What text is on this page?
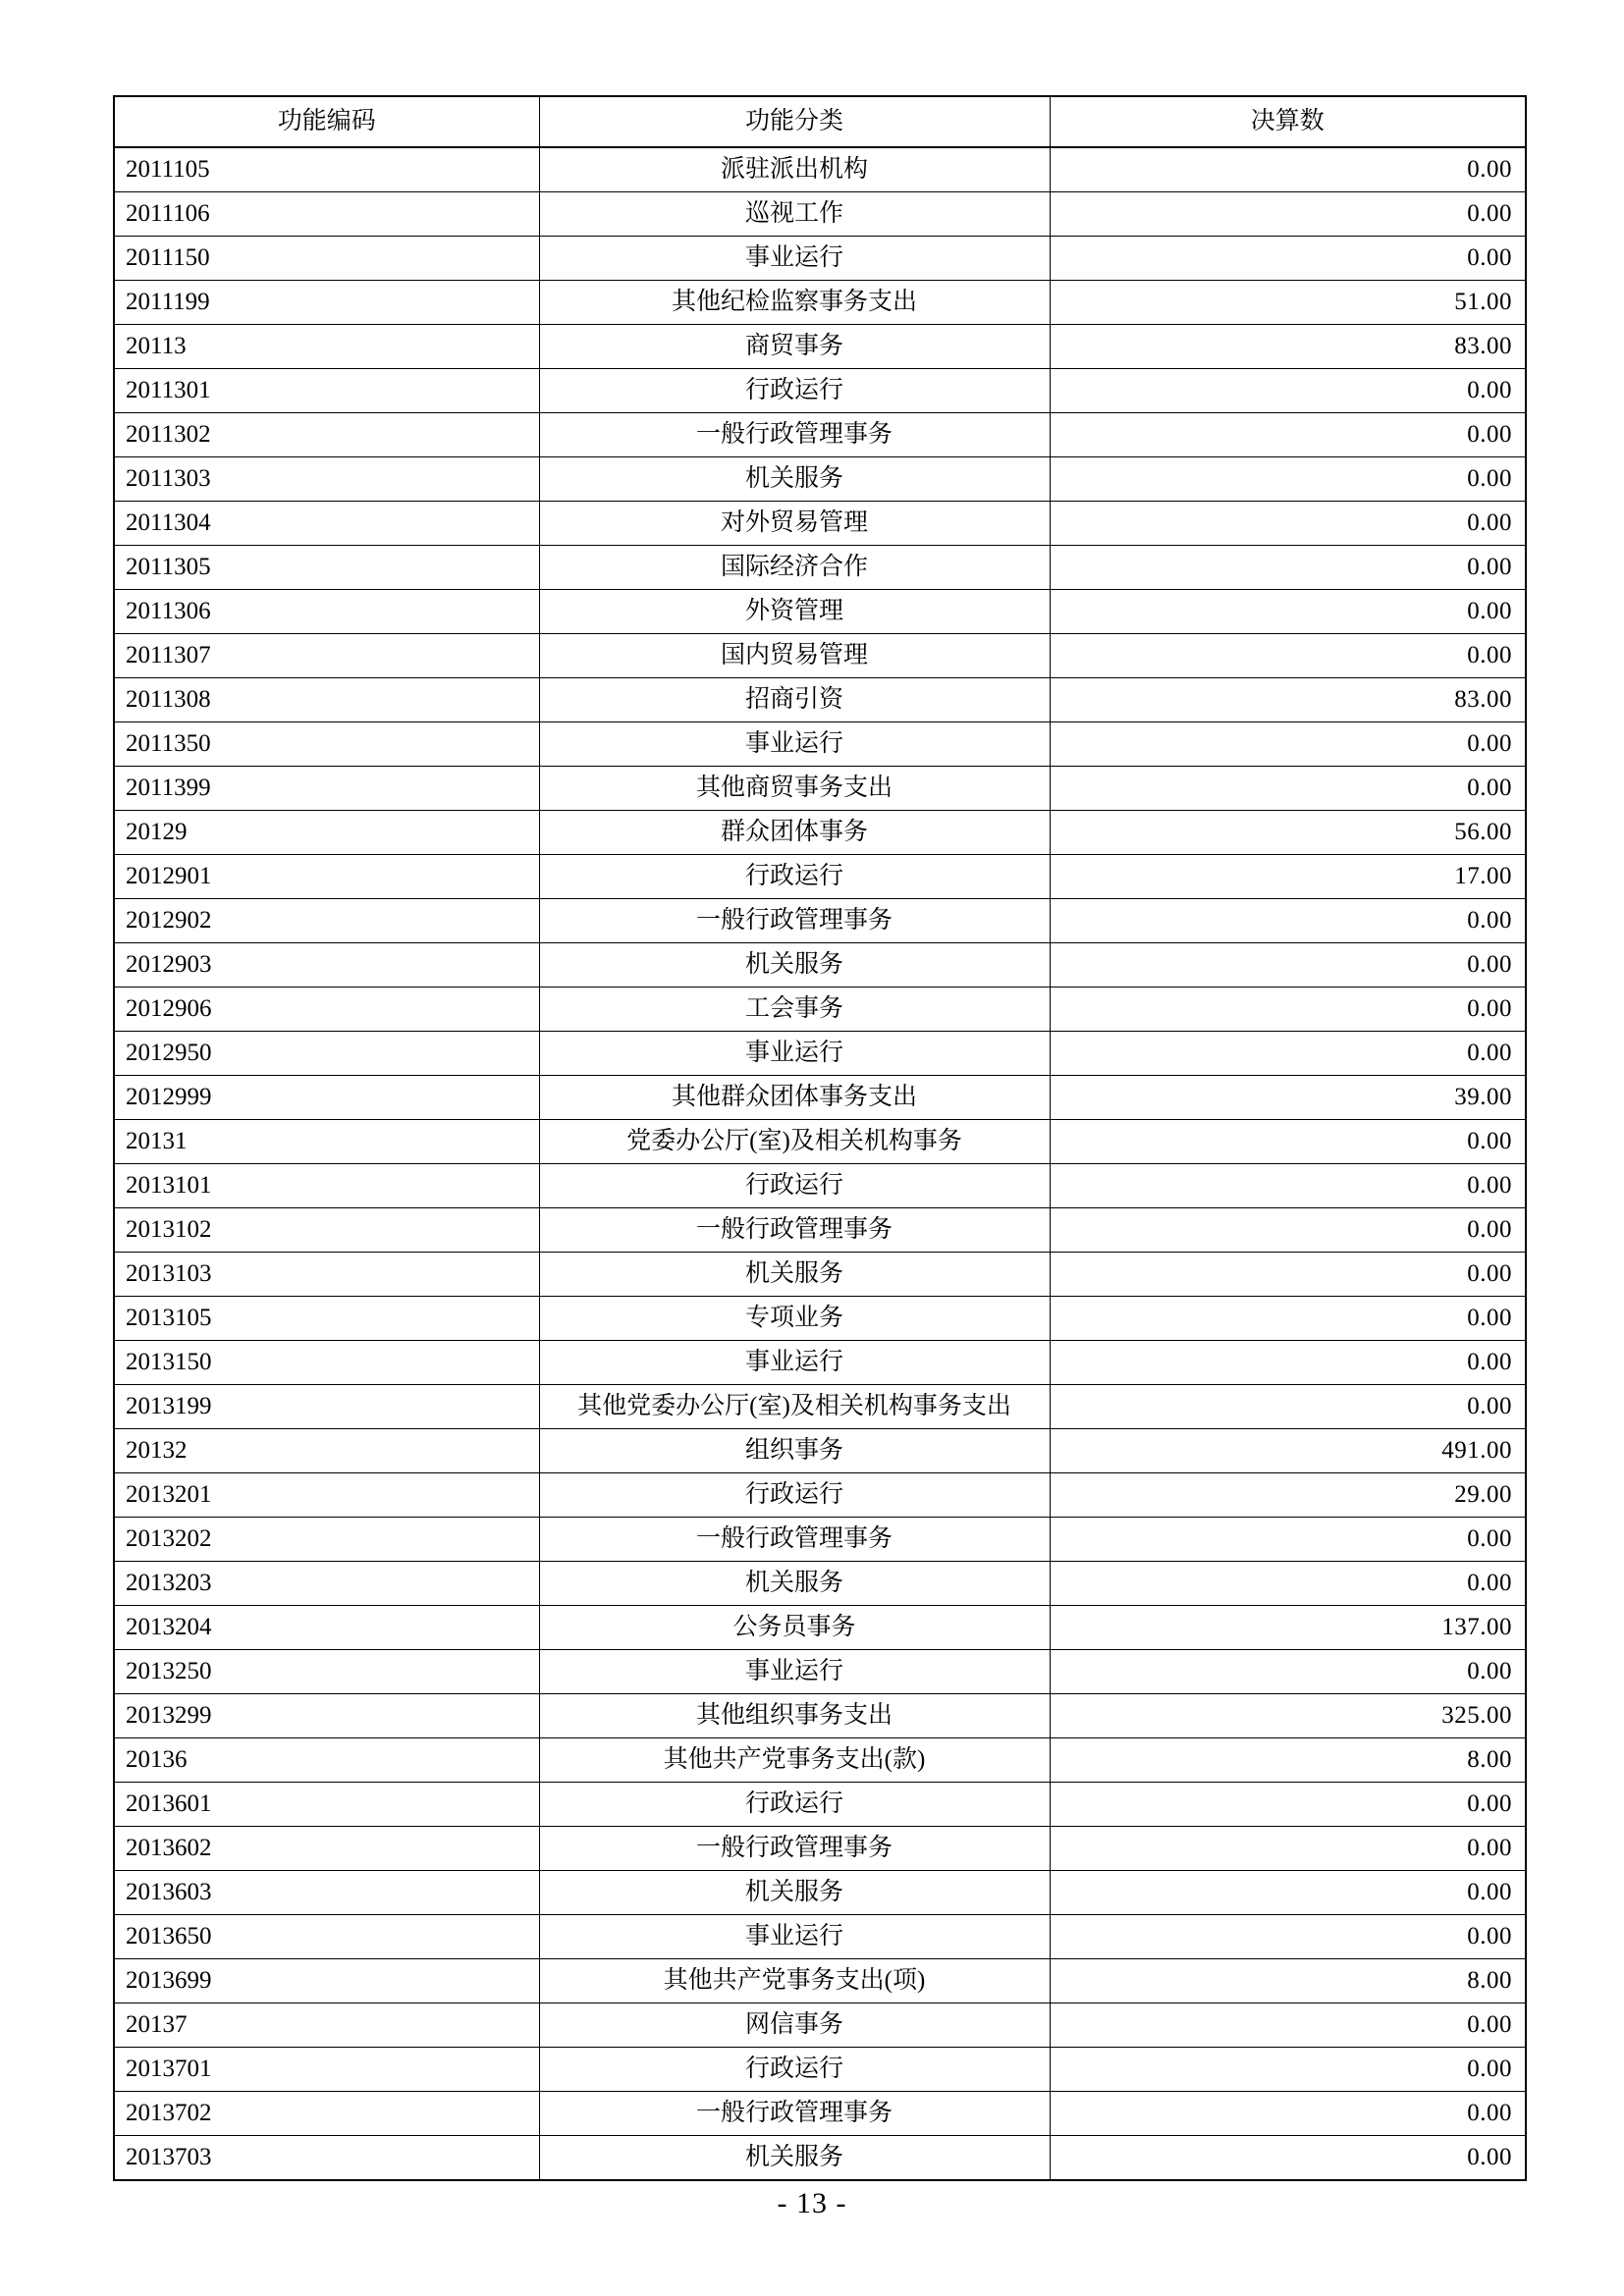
功能编码	功能分类	决算数
2011105	派驻派出机构	0.00
2011106	巡视工作	0.00
2011150	事业运行	0.00
2011199	其他纪检监察事务支出	51.00
20113	商贸事务	83.00
2011301	行政运行	0.00
2011302	一般行政管理事务	0.00
2011303	机关服务	0.00
2011304	对外贸易管理	0.00
2011305	国际经济合作	0.00
2011306	外资管理	0.00
2011307	国内贸易管理	0.00
2011308	招商引资	83.00
2011350	事业运行	0.00
2011399	其他商贸事务支出	0.00
20129	群众团体事务	56.00
2012901	行政运行	17.00
2012902	一般行政管理事务	0.00
2012903	机关服务	0.00
2012906	工会事务	0.00
2012950	事业运行	0.00
2012999	其他群众团体事务支出	39.00
20131	党委办公厅(室)及相关机构事务	0.00
2013101	行政运行	0.00
2013102	一般行政管理事务	0.00
2013103	机关服务	0.00
2013105	专项业务	0.00
2013150	事业运行	0.00
2013199	其他党委办公厅(室)及相关机构事务支出	0.00
20132	组织事务	491.00
2013201	行政运行	29.00
2013202	一般行政管理事务	0.00
2013203	机关服务	0.00
2013204	公务员事务	137.00
2013250	事业运行	0.00
2013299	其他组织事务支出	325.00
20136	其他共产党事务支出(款)	8.00
2013601	行政运行	0.00
2013602	一般行政管理事务	0.00
2013603	机关服务	0.00
2013650	事业运行	0.00
2013699	其他共产党事务支出(项)	8.00
20137	网信事务	0.00
2013701	行政运行	0.00
2013702	一般行政管理事务	0.00
2013703	机关服务	0.00
- 13 -
